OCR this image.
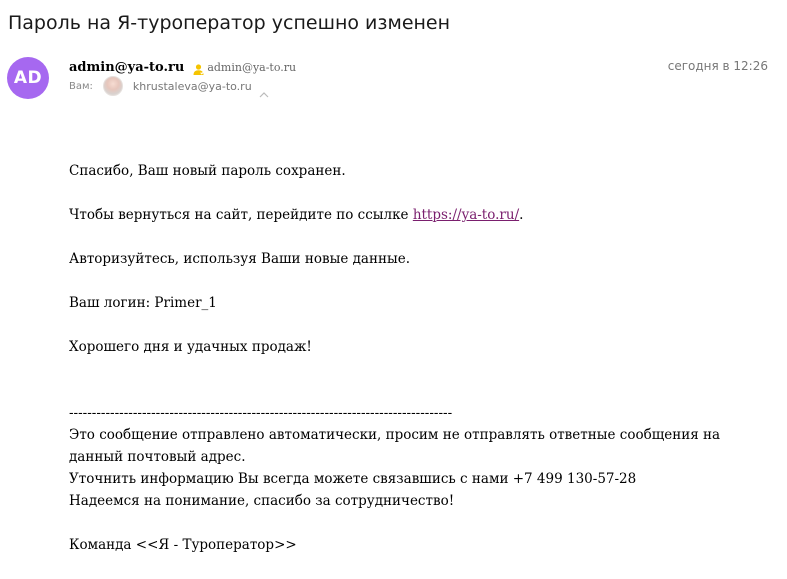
Пароль на Я-туроператор успешно изменен
AD
admin@ya-to.ru admin@ya-to.ru	сегодня в 12:26
Вам:	khrustaleva@ya-to.ru

Спасибо, Ваш новый пароль сохранен.

Чтобы вернуться на сайт, перейдите по ссылке https://ya-to.ru/.

Авторизуйтесь, используя Ваши новые данные.

Ваш логин: Primer_1

Хорошего дня и удачных продаж!

------------------------------------------------------------------------------------

Это сообщение отправлено автоматически, просим не отправлять ответные сообщения на

данный почтовый адрес.

Уточнить информацию Вы всегда можете связавшись с нами +7 499 130-57-28

Надеемся на понимание, спасибо за сотрудничество!

Команда <<Я - Туроператор>>
